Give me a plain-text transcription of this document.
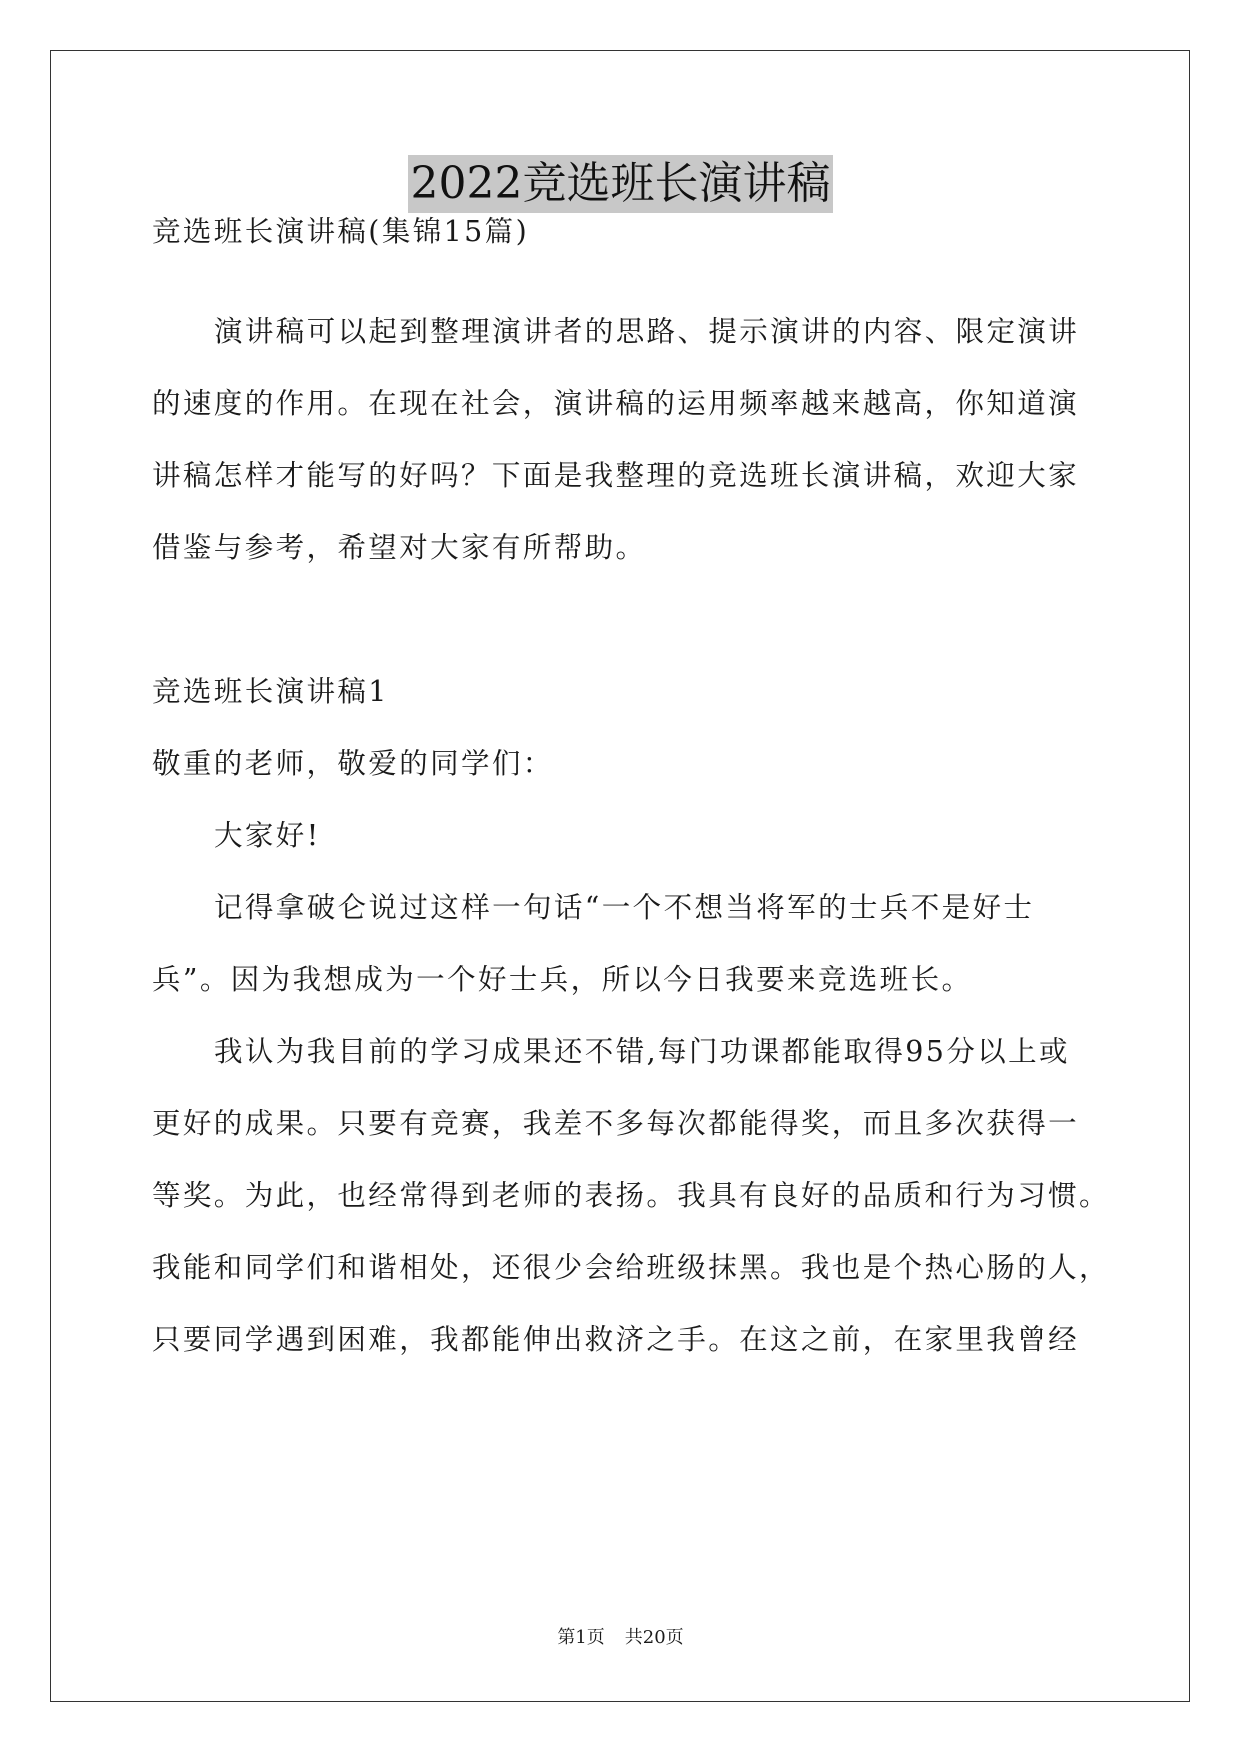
2022竞选班长演讲稿
竞选班长演讲稿(集锦15篇)
演讲稿可以起到整理演讲者的思路、提示演讲的内容、限定演讲
的速度的作用。在现在社会，演讲稿的运用频率越来越高，你知道演
讲稿怎样才能写的好吗？下面是我整理的竞选班长演讲稿，欢迎大家
借鉴与参考，希望对大家有所帮助。
竞选班长演讲稿1
敬重的老师，敬爱的同学们：
大家好!
记得拿破仑说过这样一句话“一个不想当将军的士兵不是好士
兵”。因为我想成为一个好士兵，所以今日我要来竞选班长。
我认为我目前的学习成果还不错,每门功课都能取得95分以上或
更好的成果。只要有竞赛，我差不多每次都能得奖，而且多次获得一
等奖。为此，也经常得到老师的表扬。我具有良好的品质和行为习惯。
我能和同学们和谐相处，还很少会给班级抹黑。我也是个热心肠的人，
只要同学遇到困难，我都能伸出救济之手。在这之前，在家里我曾经
第1页 共20页
